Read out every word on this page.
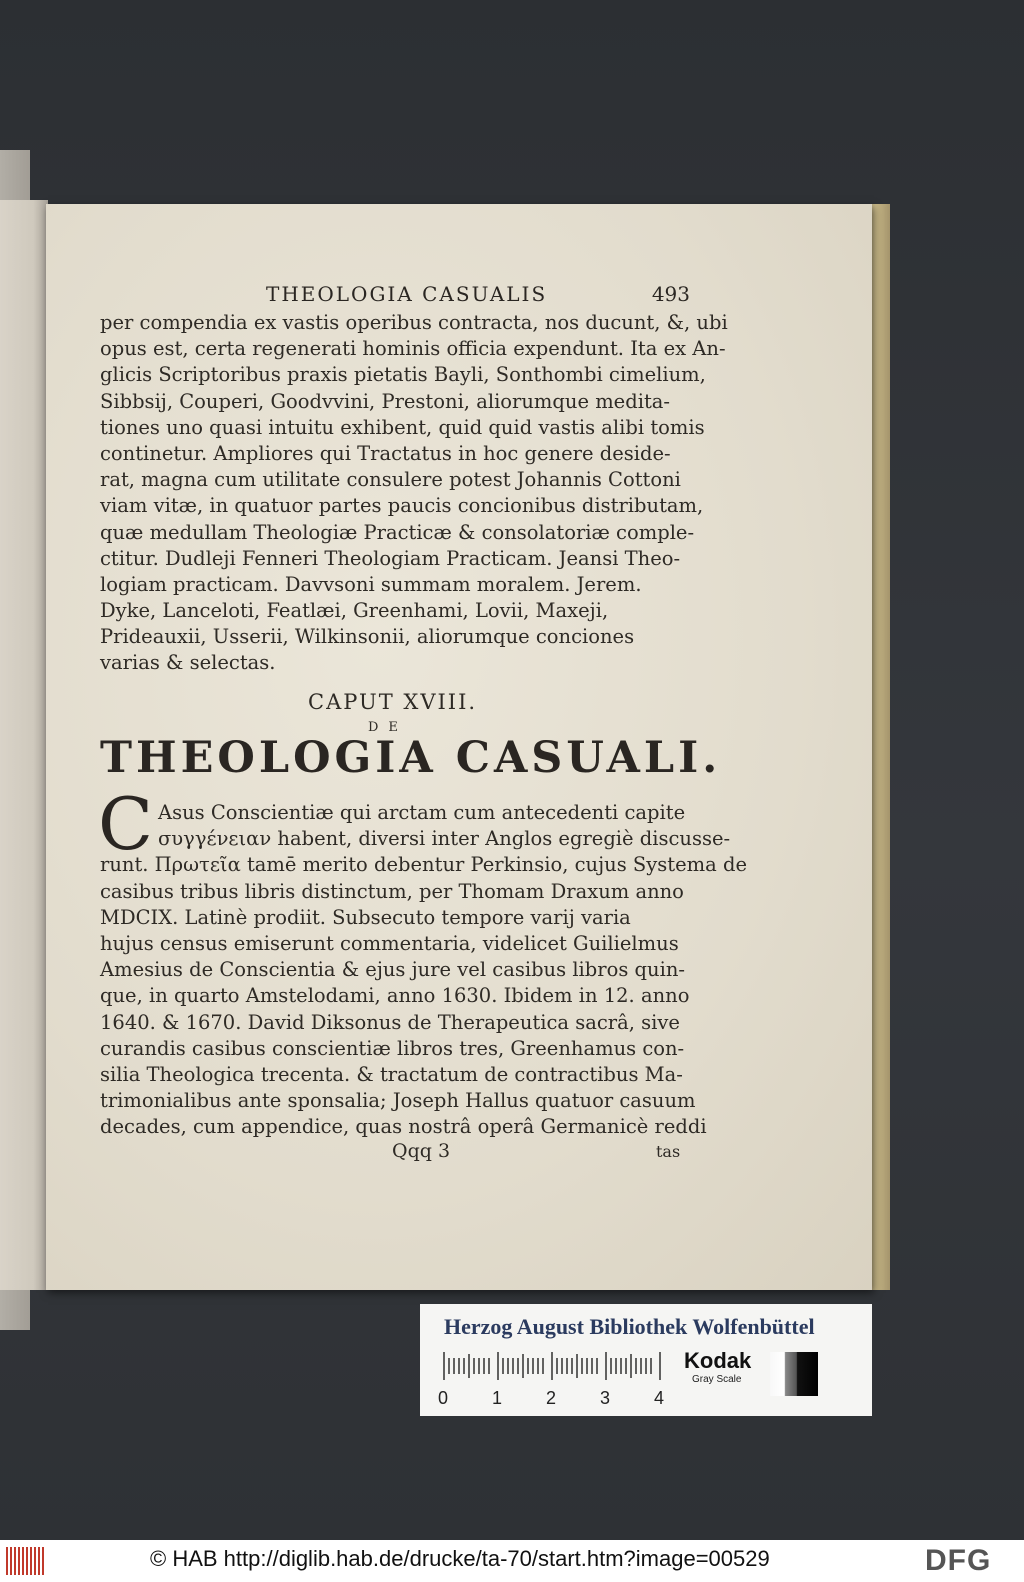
THEOLOGIA CASUALIS	493
per compendia ex vastis operibus contracta, nos ducunt, &, ubi
opus est, certa regenerati hominis officia expendunt. Ita ex An-
glicis Scriptoribus praxis pietatis Bayli, Sonthombi cimelium,
Sibbsij, Couperi, Goodvvini, Prestoni, aliorumque medita-
tiones uno quasi intuitu exhibent, quid quid vastis alibi tomis
continetur. Ampliores qui Tractatus in hoc genere deside-
rat, magna cum utilitate consulere potest Johannis Cottoni
viam vitæ, in quatuor partes paucis concionibus distributam,
quæ medullam Theologiæ Practicæ & consolatoriæ comple-
ctitur. Dudleji Fenneri Theologiam Practicam. Jeansi Theo-
logiam practicam. Davvsoni summam moralem. Jerem.
Dyke, Lanceloti, Featlæi, Greenhami, Lovii, Maxeji,
Prideauxii, Usserii, Wilkinsonii, aliorumque conciones
varias & selectas.
CAPUT XVIII.
DE
THEOLOGIA CASUALI.
C Asus Conscientiæ qui arctam cum antecedenti capite
συγγένειαν habent, diversi inter Anglos egregiè discusse-
runt. Πρωτεῖα tamē merito debentur Perkinsio, cujus Systema de
casibus tribus libris distinctum, per Thomam Draxum anno
MDCIX. Latinè prodiit. Subsecuto tempore varij varia
hujus census emiserunt commentaria, videlicet Guilielmus
Amesius de Conscientia & ejus jure vel casibus libros quin-
que, in quarto Amstelodami, anno 1630. Ibidem in 12. anno
1640. & 1670. David Diksonus de Therapeutica sacrâ, sive
curandis casibus conscientiæ libros tres, Greenhamus con-
silia Theologica trecenta. & tractatum de contractibus Ma-
trimonialibus ante sponsalia; Joseph Hallus quatuor casuum
decades, cum appendice, quas nostrâ operâ Germanicè reddi
Qqq 3	tas
Herzog August Bibliothek Wolfenbüttel
0 1 2 3 4
Kodak
Gray Scale
© HAB http://diglib.hab.de/drucke/ta-70/start.htm?image=00529	DFG
